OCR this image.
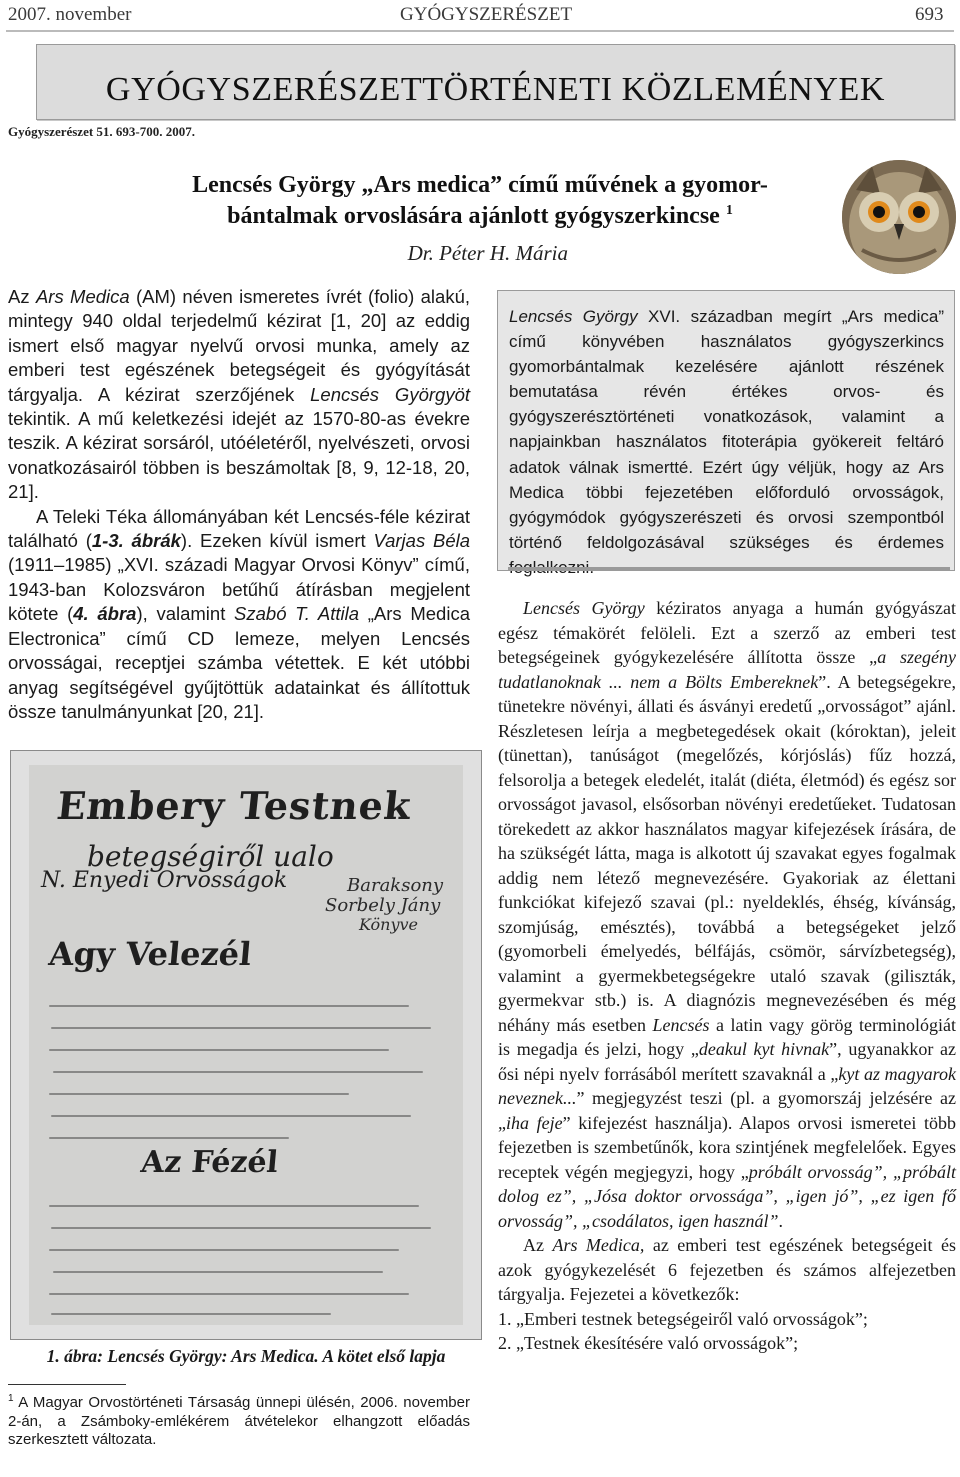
2007. november	GYÓGYSZERÉSZET	693
GYÓGYSZERÉSZETTÖRTÉNETI KÖZLEMÉNYEK
Gyógyszerészet 51. 693-700. 2007.
Lencsés György „Ars medica” című művének a gyomor-
bántalmak orvoslására ajánlott gyógyszerkincse $^1$
Dr. Péter H. Mária

Az Ars Medica (AM) néven ismeretes ívrét (folio) alakú, mintegy 940 oldal terjedelmű kézirat [1, 20] az eddig ismert első magyar nyelvű orvosi munka, amely az emberi test egészének betegségeit és gyógyítását tárgyalja. A kézirat szerzőjének Lencsés Györgyöt tekintik. A mű keletkezési idejét az 1570-80-as évekre teszik. A kézirat sorsáról, utóéletéről, nyelvészeti, orvosi vonatkozásairól többen is beszámoltak [8, 9, 12-18, 20, 21].

A Teleki Téka állományában két Lencsés-féle kézirat található (1-3. ábrák). Ezeken kívül ismert Varjas Béla (1911–1985) „XVI. századi Magyar Orvosi Könyv” című, 1943-ban Kolozsváron betűhű átírásban megjelent kötete (4. ábra), valamint Szabó T. Attila „Ars Medica Electronica” című CD lemeze, melyen Lencsés orvosságai, receptjei számba vétettek. E két utóbbi anyag segítségével gyűjtöttük adatainkat és állítottuk össze tanulmányunkat [20, 21].

Lencsés György XVI. században megírt „Ars medica” című könyvében használatos gyógyszerkincs gyomorbántalmak kezelésére ajánlott részének bemutatása révén értékes orvos- és gyógyszerésztörténeti vonatkozások, valamint a napjainkban használatos fitoterápia gyökereit feltáró adatok válnak ismertté. Ezért úgy véljük, hogy az Ars Medica többi fejezetében előforduló orvosságok, gyógymódok gyógyszerészeti és orvosi szempontból történő feldolgozásával szükséges és érdemes

Lencsés György kéziratos anyaga a humán gyógyászat egész témakörét felöleli. Ezt a szerző az emberi test betegségeinek gyógykezelésére állította össze „a szegény tudatlanoknak ... nem a Bölts Embereknek”. A betegségekre, tünetekre növényi, állati és ásványi eredetű „orvosságot” ajánl. Részletesen leírja a megbetegedések okait (kóroktan), jeleit (tünettan), tanúságot (megelőzés, kórjóslás) fűz hozzá, felsorolja a betegek eledelét, italát (diéta, életmód) és egész sor orvosságot javasol, elsősorban növényi eredetűeket. Tudatosan törekedett az akkor használatos magyar kifejezések írására, de ha szükségét látta, maga is alkotott új szavakat egyes fogalmak addig nem létező megnevezésére. Gyakoriak az élettani funkciókat kifejező szavai (pl.: nyeldeklés, éhség, kívánság, szomjúság, emésztés), továbbá a betegségeket jelző (gyomorbeli émelyedés, bélfájás, csömör, sárvízbetegség), valamint a gyermekbetegségekre utaló szavak (giliszták, gyermekvar stb.) is. A diagnózis megnevezésében és még néhány más esetben Lencsés a latin vagy görög terminológiát is megadja és jelzi, hogy „deakul kyt hivnak”, ugyanakkor az ősi népi nyelv forrásából merített szavaknál a „kyt az magyarok neveznek...” megjegyzést teszi (pl. a gyomorszáj jelzésére az „iha feje” kifejezést használja). Alapos orvosi ismeretei több fejezetben is szembetűnők, kora szintjének megfelelőek. Egyes receptek végén megjegyzi, hogy „próbált orvosság”, „próbált dolog ez”, „Jósa doktor orvossága”, „igen jó”, „ez igen fő orvosság”, „csodálatos, igen használ”.

Az Ars Medica, az emberi test egészének betegségeit és azok gyógykezelését 6 fejezetben és számos alfejezetben tárgyalja. Fejezetei a következők:

1. „Emberi testnek betegségeiről való orvosságok”;
2. „Testnek ékesítésére való orvosságok”;
Embery Testnek
betegségiről ualo
N. Enyedi Orvosságok	Baraksony
Sorbely Jány
Könyve
Agy Velezél
Az Fézél
1. ábra: Lencsés György: Ars Medica. A kötet első lapja
$^1$ A Magyar Orvostörténeti Társaság ünnepi ülésén, 2006. november 2-án, a Zsámboky-emlékérem átvételekor elhangzott előadás szerkesztett változata.
